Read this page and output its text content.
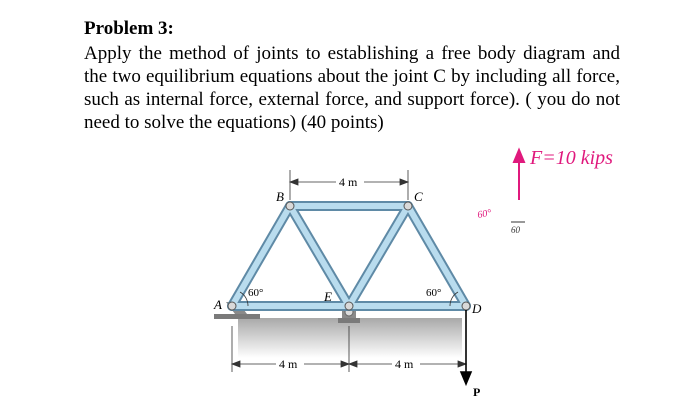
Problem 3:

Apply the method of joints to establishing a free body diagram and the two equilibrium equations about the joint C by including all force, such as internal force, external force, and support force). ( you do not need to solve the equations) (40 points)

A
B	C
D
E
60°	60°
4 m
4 m	4 m
P
F=10 kips
60°
60
